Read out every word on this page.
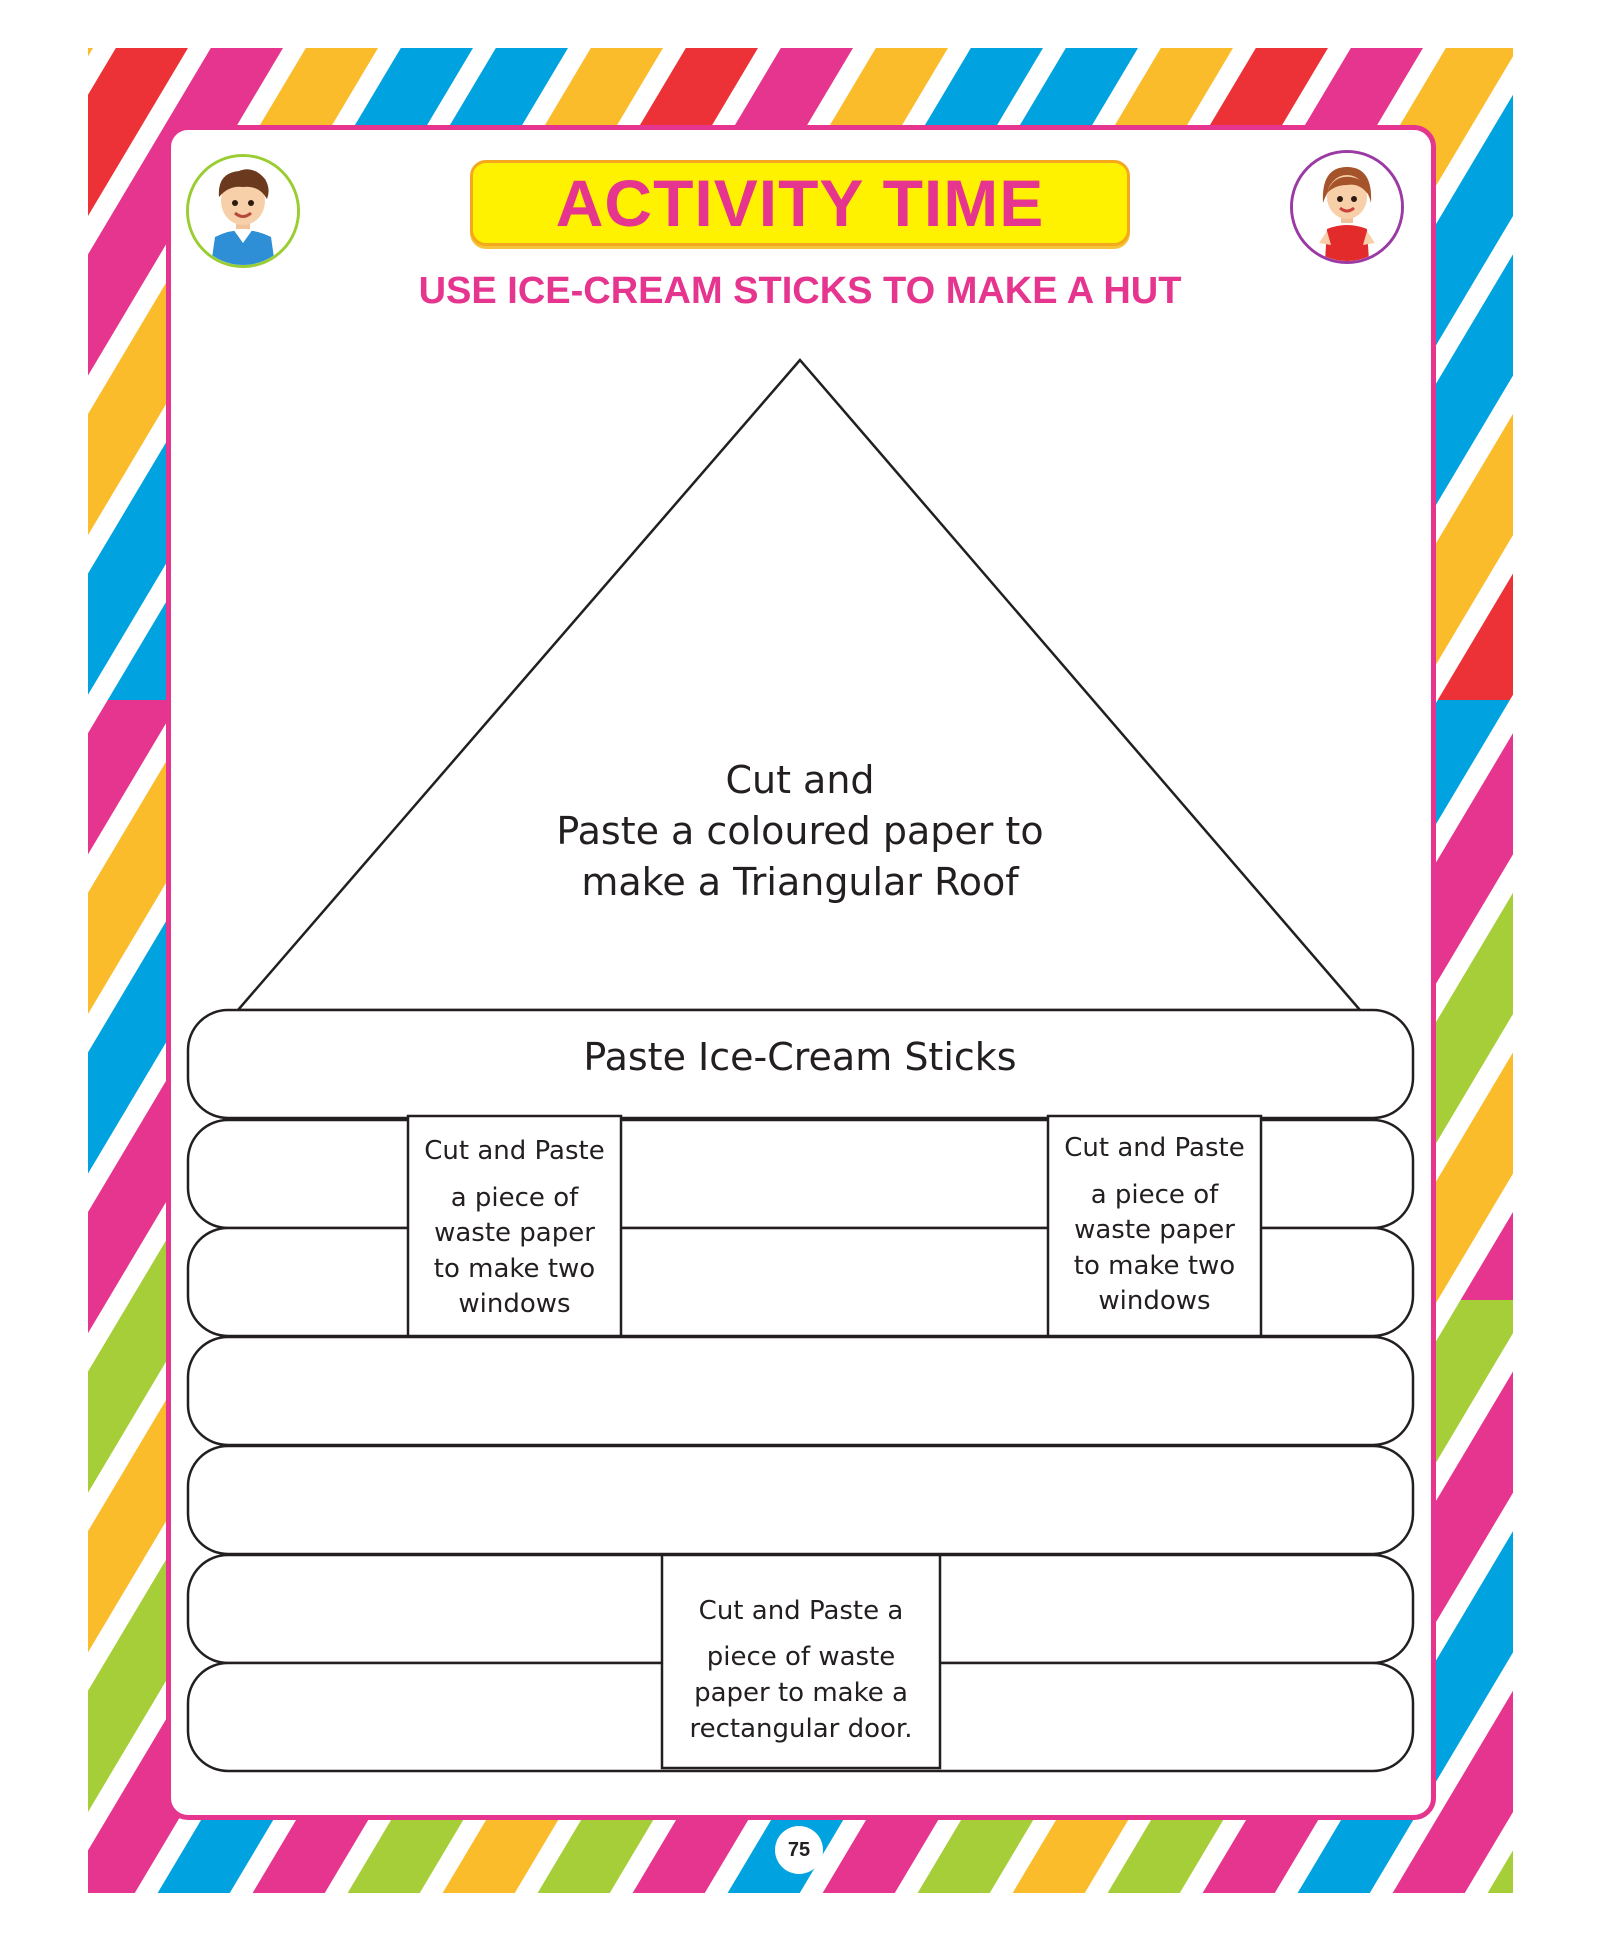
ACTIVITY TIME
USE ICE-CREAM STICKS TO MAKE A HUT
Cut and
Paste a coloured paper to
make a Triangular Roof
Paste Ice-Cream Sticks
Cut and Paste
a piece of
waste paper
to make two
windows
Cut and Paste
a piece of
waste paper
to make two
windows
Cut and Paste a
piece of waste
paper to make a
rectangular door.
75
